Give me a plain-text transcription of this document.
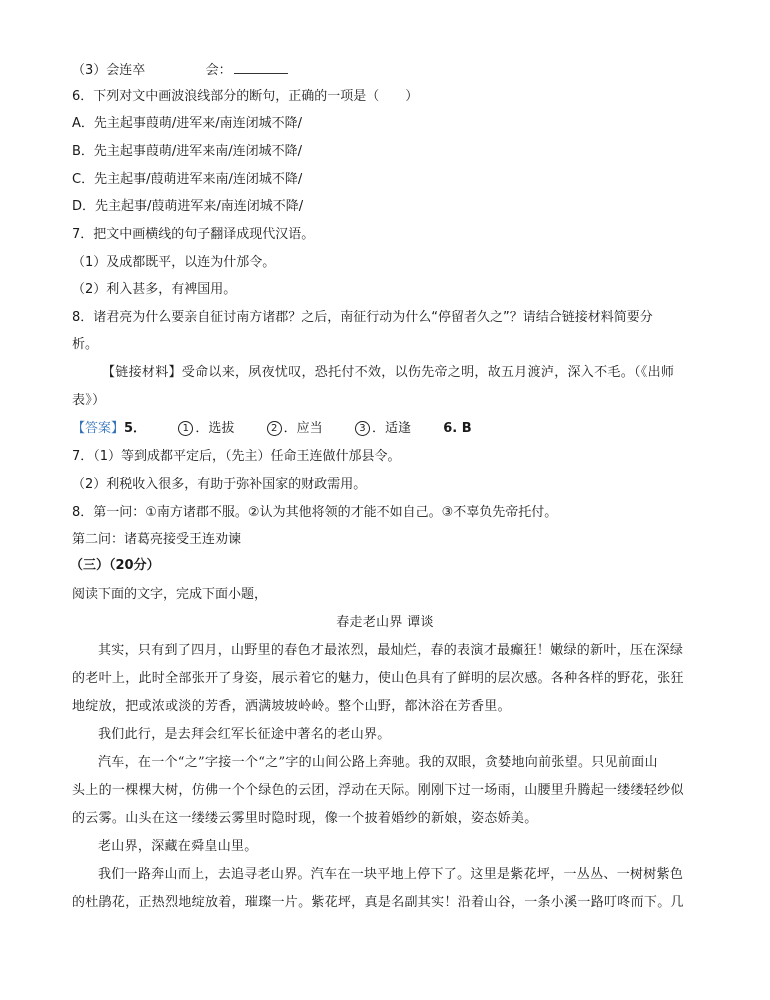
（3）会连卒	会：
6．下列对文中画波浪线部分的断句，正确的一项是（　　）
A．先主起事葭萌/进军来/南连闭城不降/
B．先主起事葭萌/进军来南/连闭城不降/
C．先主起事/葭萌进军来南/连闭城不降/
D．先主起事/葭萌进军来/南连闭城不降/
7．把文中画横线的句子翻译成现代汉语。
（1）及成都既平，以连为什邡令。
（2）利入甚多，有裨国用。
8．诸君亮为什么要亲自征讨南方诸郡？之后，南征行动为什么“停留者久之”？请结合链接材料简要分
析。
【链接材料】受命以来，夙夜忧叹，恐托付不效，以伤先帝之明，故五月渡泸，深入不毛。（《出师
表》）
【答案】5．	1 ．选拔	2 ．应当	3 ．适逢 6. B
7．（1）等到成都平定后，（先主）任命王连做什邡县令。
（2）利税收入很多，有助于弥补国家的财政需用。
8．第一问：①南方诸郡不服。②认为其他将领的才能不如自己。③不辜负先帝托付。
第二问：诸葛亮接受王连劝谏
（三）（20分）
阅读下面的文字，完成下面小题，
春走老山界 谭谈
其实，只有到了四月，山野里的春色才最浓烈，最灿烂，春的表演才最癫狂！嫩绿的新叶，压在深绿
的老叶上，此时全部张开了身姿，展示着它的魅力，使山色具有了鲜明的层次感。各种各样的野花，张狂
地绽放，把或浓或淡的芳香，洒满坡坡岭岭。整个山野，都沐浴在芳香里。
我们此行，是去拜会红军长征途中著名的老山界。
汽车，在一个“之”字接一个“之”字的山间公路上奔驰。我的双眼，贪婪地向前张望。只见前面山
头上的一棵棵大树，仿佛一个个绿色的云团，浮动在天际。刚刚下过一场雨，山腰里升腾起一缕缕轻纱似
的云雾。山头在这一缕缕云雾里时隐时现，像一个披着婚纱的新娘，姿态娇美。
老山界，深藏在舜皇山里。
我们一路奔山而上，去追寻老山界。汽车在一块平地上停下了。这里是紫花坪，一丛丛、一树树紫色
的杜鹃花，正热烈地绽放着，璀璨一片。紫花坪，真是名副其实！沿着山谷，一条小溪一路叮咚而下。几
